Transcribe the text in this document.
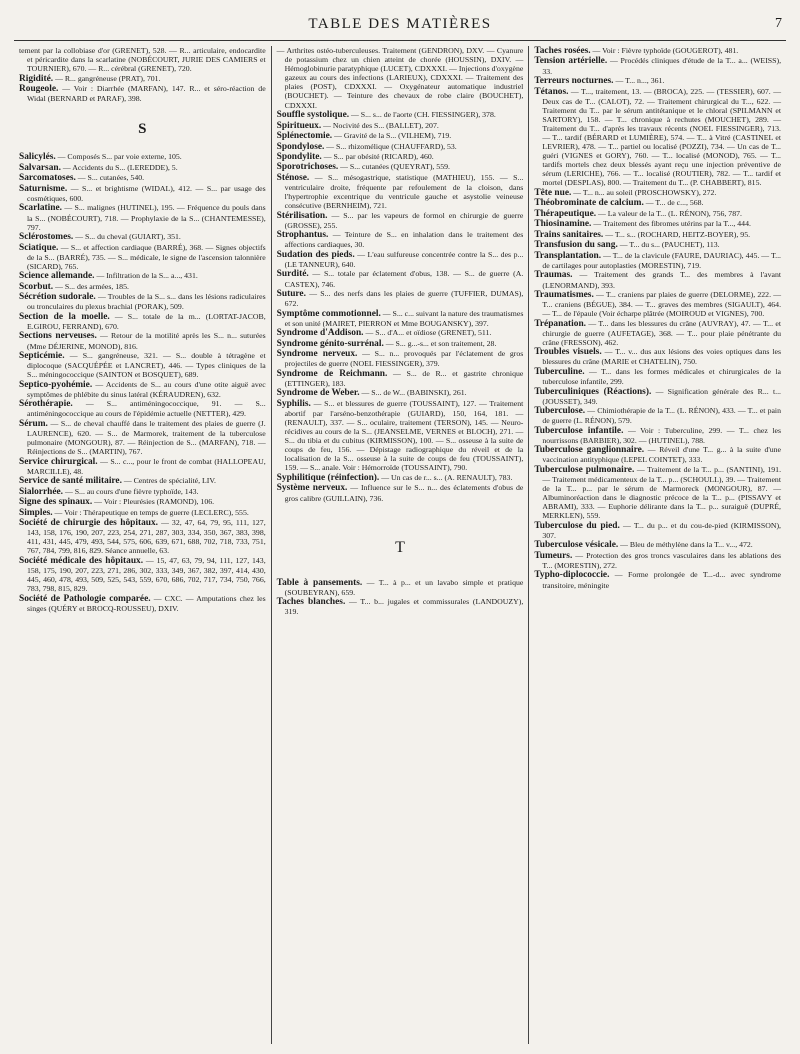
TABLE DES MATIÈRES	7
tement par la collobiase d'or (GRENET), 528. — R... articulaire, endocardite et péricardite dans la scarlatine (NOBÉCOURT, JURIE DES CAMIERS et TOURNIER), 670. — R... cérébral (GRENET), 720.
Rigidité. — R... gangréneuse (PRAT), 701.
Rougeole. — Voir : Diarrhée (MARFAN), 147. R... et séro-réaction de Widal (BERNARD et PARAF), 398.
S
Salicylés. — Composés S... par voie externe, 105.
Salvarsan. — Accidents du S... (LEREDDE), 5.
Sarcomatoses. — S... cutanées, 540.
Saturnisme. — S... et brightisme (WIDAL), 412. — S... par usage des cosmétiques, 600.
Scarlatine. — S... malignes (HUTINEL), 195. — Fréquence du pouls dans la S... (NOBÉCOURT), 718. — Prophylaxie de la S... (CHANTEMESSE), 797.
Sclérostomes. — S... du cheval (GUIART), 351.
Sciatique. — S... et affection cardiaque (BARRÉ), 368. — Signes objectifs de la S... (BARRÉ), 735. — S... médicale, le signe de l'ascension talonnière (SICARD), 765.
Science allemande. — Infiltration de la S... a..., 431.
Scorbut. — S... des armées, 185.
Sécrétion sudorale. — Troubles de la S... s... dans les lésions radiculaires ou tronculaires du plexus brachial (PORAK), 509.
Section de la moelle. — S... totale de la m... (LORTAT-JACOB, E.GIROU, FERRAND), 670.
Sections nerveuses. — Retour de la motilité après les S... n... suturées (Mme DÉJERINE, MONOD), 816.
Septicémie. — S... gangréneuse, 321. — S... double à tétragène et diplocoque (SACQUÉPÉE et LANCRET), 446. — Types cliniques de la S... méningococcique (SAINTON et BOSQUET), 689.
Septico-pyohémie. — Accidents de S... au cours d'une otite aiguë avec symptômes de phlébite du sinus latéral (KÉRAUDREN), 632.
Sérothérapie. — S... antiméningococcique, 91. — S... antiméningococcique au cours de l'épidémie actuelle (NETTER), 429.
Sérum. — S... de cheval chauffé dans le traitement des plaies de guerre (J. LAURENCE), 620. — S... de Marmorek, traitement de la tuberculose pulmonaire (MONGOUR), 87. — Réinjection de S... (MARFAN), 718. — Réinjections de S... (MARTIN), 767.
Service chirurgical. — S... c..., pour le front de combat (HALLOPEAU, MARCILLE), 48.
Service de santé militaire. — Centres de spécialité, LIV.
Sialorrhée. — S... au cours d'une fièvre typhoïde, 143.
Signe des spinaux. — Voir : Pleurésies (RAMOND), 106.
Simples. — Voir : Thérapeutique en temps de guerre (LECLERC), 555.
Société de chirurgie des hôpitaux. — 32, 47, 64, 79, 95, 111, 127, 143, 158, 176, 190, 207, 223, 254, 271, 287, 303, 334, 350, 367, 383, 398, 411, 431, 445, 479, 493, 544, 575, 606, 639, 671, 688, 702, 718, 733, 751, 767, 784, 799, 816, 829. Séance annuelle, 63.
Société médicale des hôpitaux. — 15, 47, 63, 79, 94, 111, 127, 143, 158, 175, 190, 207, 223, 271, 286, 302, 333, 349, 367, 382, 397, 414, 430, 445, 460, 478, 493, 509, 525, 543, 559, 670, 686, 702, 717, 734, 750, 766, 783, 798, 815, 829.
Société de Pathologie comparée. — CXC. — Amputations chez les singes (QUÉRY et BROCQ-ROUSSEU), DXIV.
— Arthrites ostéo-tuberculeuses. Traitement (GENDRON), DXV. — Cyanure de potassium chez un chien atteint de chorée (HOUSSIN), DXIV. — Hémoglobinurie paratyphique (LUCET), CDXXXI. — Injections d'oxygène gazeux au cours des infections (LARIEUX), CDXXXI. — Traitement des plaies (POST), CDXXXI. — Oxygénateur automatique industriel (BOUCHET). — Teinture des chevaux de robe claire (BOUCHET), CDXXXI.
Souffle systolique. — S... s... de l'aorte (CH. FIESSINGER), 378.
Spiritueux. — Nocivité des S... (BALLET), 207.
Splénectomie. — Gravité de la S... (VILHEM), 719.
Spondylose. — S... rhizomélique (CHAUFFARD), 53.
Spondylite. — S... par obésité (RICARD), 460.
Sporotrichoses. — S... cutanées (QUEYRAT), 559.
Sténose. — S... mésogastrique, statistique (MATHIEU), 155. — S... ventriculaire droite, fréquente par refoulement de la cloison, dans l'hypertrophie excentrique du ventricule gauche et asystolie veineuse consécutive (BERNHEIM), 721.
Stérilisation. — S... par les vapeurs de formol en chirurgie de guerre (GROSSE), 255.
Strophantus. — Teinture de S... en inhalation dans le traitement des affections cardiaques, 30.
Sudation des pieds. — L'eau sulfureuse concentrée contre la S... des p... (LE TANNEUR), 640.
Surdité. — S... totale par éclatement d'obus, 138. — S... de guerre (A. CASTEX), 746.
Suture. — S... des nerfs dans les plaies de guerre (TUFFIER, DUMAS), 672.
Symptôme commotionnel. — S... c... suivant la nature des traumatismes et son unité (MAIRET, PIERRON et Mme BOUGANSKY), 397.
Syndrome d'Addison. — S... d'A... et oïdiose (GRENET), 511.
Syndrome génito-surrénal. — S... g...-s... et son traitement, 28.
Syndrome nerveux. — S... n... provoqués par l'éclatement de gros projectiles de guerre (NOEL FIESSINGER), 379.
Syndrome de Reichmann. — S... de R... et gastrite chronique (ETTINGER), 183.
Syndrome de Weber. — S... de W... (BABINSKI), 261.
Syphilis. — S... et blessures de guerre (TOUSSAINT), 127. — Traitement abortif par l'arséno-benzothérapie (GUIARD), 150, 164, 181. — (RENAULT), 337. — S... oculaire, traitement (TERSON), 145. — Neuro-récidives au cours de la S... (JEANSELME, VERNES et BLOCH), 271. — S... du tibia et du cubitus (KIRMISSON), 100. — S... osseuse à la suite de coups de feu, 156. — Dépistage radiographique du réveil et de la localisation de la S... osseuse à la suite de coups de feu (TOUSSAINT), 159. — S... anale. Voir : Hémorroïde (TOUSSAINT), 790.
Syphilitique (réinfection). — Un cas de r... s... (A. RENAULT), 783.
Système nerveux. — Influence sur le S... n... des éclatements d'obus de gros calibre (GUILLAIN), 736.
T
Table à pansements. — T... à p... et un lavabo simple et pratique (SOUBEYRAN), 659.
Taches blanches. — T... b... jugales et commissurales (LANDOUZY), 319.
Taches rosées. — Voir : Fièvre typhoïde (GOUGEROT), 481.
Tension artérielle. — Procédés cliniques d'étude de la T... a... (WEISS), 33.
Terreurs nocturnes. — T... n..., 361.
Tétanos. — T..., traitement, 13. — (BROCA), 225. — (TESSIER), 607. — Deux cas de T... (CALOT), 72. — Traitement chirurgical du T..., 622. — Traitement du T... par le sérum antitétanique et le chloral (SPILMANN et SARTORY), 158. — T... chronique à rechutes (MOUCHET), 289. — Traitement du T... d'après les travaux récents (NOEL FIESSINGER), 713. — T... tardif (BÉRARD et LUMIÈRE), 574. — T... à Vitré (CASTINEL et LEVRIER), 478. — T... partiel ou localisé (POZZI), 734. — Un cas de T... guéri (VIGNES et GORY), 760. — T... localisé (MONOD), 765. — T... tardifs mortels chez deux blessés ayant reçu une injection préventive de sérum (LERICHE), 766. — T... localisé (ROUTIER), 782. — T... tardif et mortel (DESPLAS), 800. — Traitement du T... (P. CHABBERT), 815.
Tête nue. — T... n... au soleil (PROSCHOWSKY), 272.
Théobrominate de calcium. — T... de c..., 568.
Thérapeutique. — La valeur de la T... (L. RÉNON), 756, 787.
Thiosinamine. — Traitement des fibromes utérins par la T..., 444.
Trains sanitaires. — T... s... (ROCHARD, HEITZ-BOYER), 95.
Transfusion du sang. — T... du s... (PAUCHET), 113.
Transplantation. — T... de la clavicule (FAURE, DAURIAC), 445. — T... de cartilages pour autoplasties (MORESTIN), 719.
Traumas. — Traitement des grands T... des membres à l'avant (LENORMAND), 393.
Traumatismes. — T... craniens par plaies de guerre (DELORME), 222. — T... craniens (BÉGUE), 384. — T... graves des membres (SIGAULT), 464. — T... de l'épaule (Voir écharpe plâtrée (MOIROUD et VIGNES), 700.
Trépanation. — T... dans les blessures du crâne (AUVRAY), 47. — T... et chirurgie de guerre (AUFETAGE), 368. — T... pour plaie pénétrante du crâne (FRESSON), 462.
Troubles visuels. — T... v... dus aux lésions des voies optiques dans les blessures du crâne (MARIE et CHATELIN), 750.
Tuberculine. — T... dans les formes médicales et chirurgicales de la tuberculose infantile, 299.
Tuberculiniques (Réactions). — Signification générale des R... t... (JOUSSET), 349.
Tuberculose. — Chimiothérapie de la T... (L. RÉNON), 433. — T... et pain de guerre (L. RÉNON), 579.
Tuberculose infantile. — Voir : Tuberculine, 299. — T... chez les nourrissons (BARBIER), 302. — (HUTINEL), 788.
Tuberculose ganglionnaire. — Réveil d'une T... g... à la suite d'une vaccination antityphique (LEPEL COINTET), 333.
Tuberculose pulmonaire. — Traitement de la T... p... (SANTINI), 191. — Traitement médicamenteux de la T... p... (SCHOULL), 39. — Traitement de la T... p... par le sérum de Marmoreck (MONGOUR), 87. — Albuminoréaction dans le diagnostic précoce de la T... p... (PISSAVY et ABRAMI), 333. — Euphorie délirante dans la T... p... suraiguë (DUPRÉ, MERKLEN), 559.
Tuberculose du pied. — T... du p... et du cou-de-pied (KIRMISSON), 307.
Tuberculose vésicale. — Bleu de méthylène dans la T... v..., 472.
Tumeurs. — Protection des gros troncs vasculaires dans les ablations des T... (MORESTIN), 272.
Typho-diplococcie. — Forme prolongée de T...-d... avec syndrome transitoire, méningite
